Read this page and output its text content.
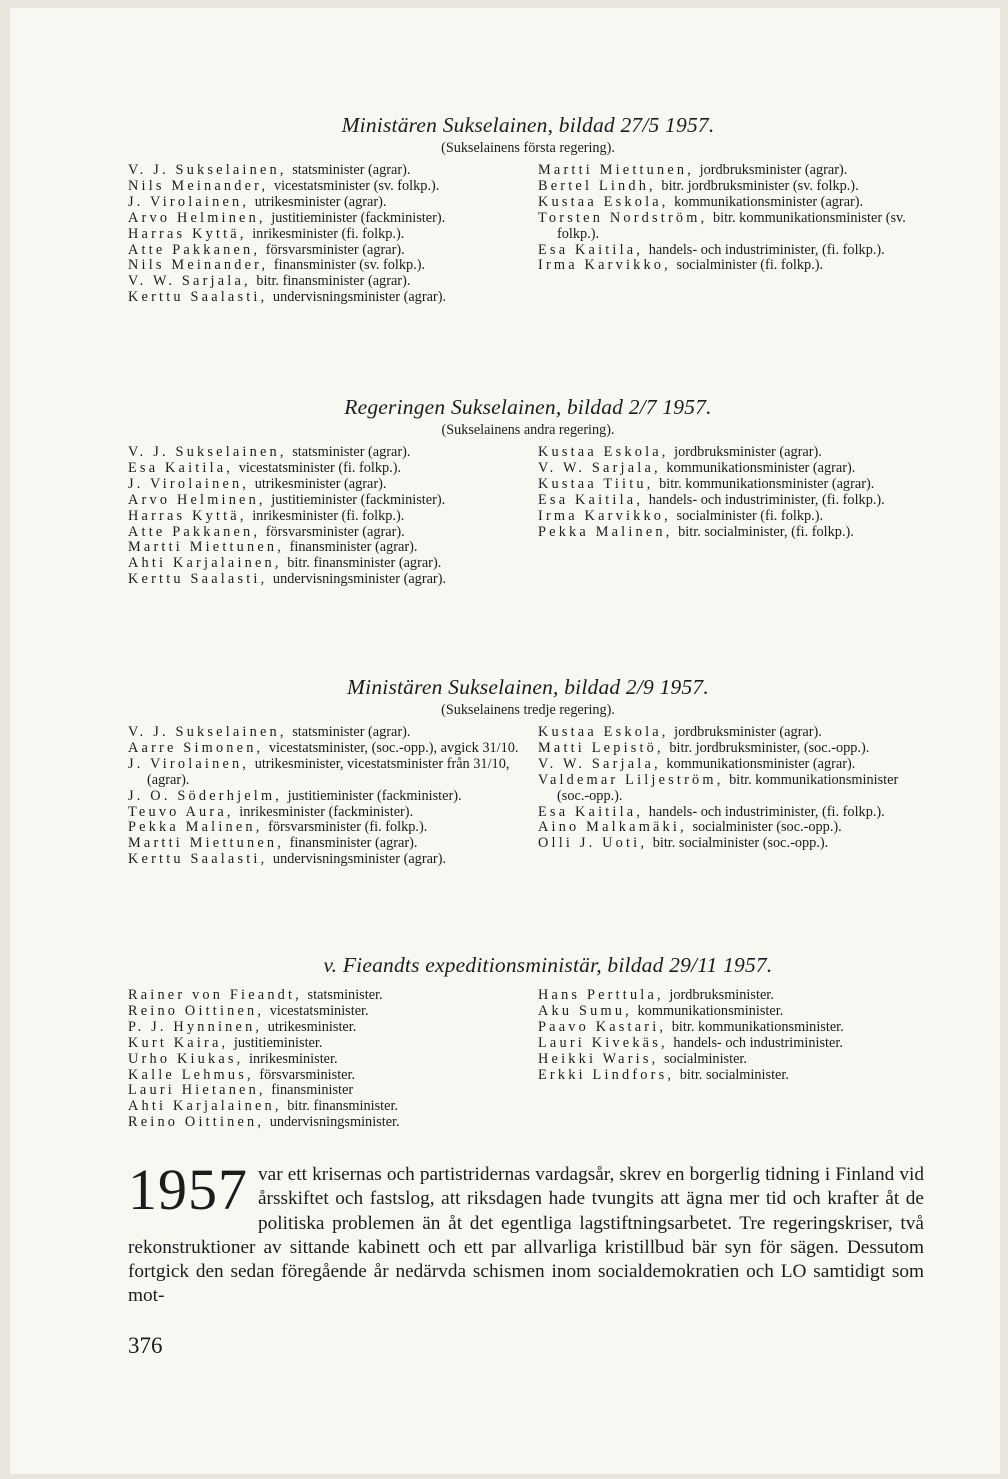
Ministären Sukselainen, bildad 27/5 1957.
(Sukselainens första regering).
V. J. Sukselainen, statsminister (agrar).
Nils Meinander, vicestatsminister (sv. folkp.).
J. Virolainen, utrikesminister (agrar).
Arvo Helminen, justitieminister (fackminister).
Harras Kyttä, inrikesminister (fi. folkp.).
Atte Pakkanen, försvarsminister (agrar).
Nils Meinander, finansminister (sv. folkp.).
V. W. Sarjala, bitr. finansminister (agrar).
Kerttu Saalasti, undervisningsminister (agrar).
Martti Miettunen, jordbruksminister (agrar).
Bertel Lindh, bitr. jordbruksminister (sv. folkp.).
Kustaa Eskola, kommunikationsminister (agrar).
Torsten Nordström, bitr. kommunikationsminister (sv. folkp.).
Esa Kaitila, handels- och industriminister, (fi. folkp.).
Irma Karvikko, socialminister (fi. folkp.).
Regeringen Sukselainen, bildad 2/7 1957.
(Sukselainens andra regering).
V. J. Sukselainen, statsminister (agrar).
Esa Kaitila, vicestatsminister (fi. folkp.).
J. Virolainen, utrikesminister (agrar).
Arvo Helminen, justitieminister (fackminister).
Harras Kyttä, inrikesminister (fi. folkp.).
Atte Pakkanen, försvarsminister (agrar).
Martti Miettunen, finansminister (agrar).
Ahti Karjalainen, bitr. finansminister (agrar).
Kerttu Saalasti, undervisningsminister (agrar).
Kustaa Eskola, jordbruksminister (agrar).
V. W. Sarjala, kommunikationsminister (agrar).
Kustaa Tiitu, bitr. kommunikationsminister (agrar).
Esa Kaitila, handels- och industriminister, (fi. folkp.).
Irma Karvikko, socialminister (fi. folkp.).
Pekka Malinen, bitr. socialminister, (fi. folkp.).
Ministären Sukselainen, bildad 2/9 1957.
(Sukselainens tredje regering).
V. J. Sukselainen, statsminister (agrar).
Aarre Simonen, vicestatsminister, (soc.-opp.), avgick 31/10.
J. Virolainen, utrikesminister, vicestatsminister från 31/10, (agrar).
J. O. Söderhjelm, justitieminister (fackminister).
Teuvo Aura, inrikesminister (fackminister).
Pekka Malinen, försvarsminister (fi. folkp.).
Martti Miettunen, finansminister (agrar).
Kerttu Saalasti, undervisningsminister (agrar).
Kustaa Eskola, jordbruksminister (agrar).
Matti Lepistö, bitr. jordbruksminister, (soc.-opp.).
V. W. Sarjala, kommunikationsminister (agrar).
Valdemar Liljeström, bitr. kommunikationsminister (soc.-opp.).
Esa Kaitila, handels- och industriminister, (fi. folkp.).
Aino Malkamäki, socialminister (soc.-opp.).
Olli J. Uoti, bitr. socialminister (soc.-opp.).
v. Fieandts expeditionsministär, bildad 29/11 1957.
Rainer von Fieandt, statsminister.
Reino Oittinen, vicestatsminister.
P. J. Hynninen, utrikesminister.
Kurt Kaira, justitieminister.
Urho Kiukas, inrikesminister.
Kalle Lehmus, försvarsminister.
Lauri Hietanen, finansminister
Ahti Karjalainen, bitr. finansminister.
Reino Oittinen, undervisningsminister.
Hans Perttula, jordbruksminister.
Aku Sumu, kommunikationsminister.
Paavo Kastari, bitr. kommunikationsminister.
Lauri Kivekäs, handels- och industriminister.
Heikki Waris, socialminister.
Erkki Lindfors, bitr. socialminister.
1957 var ett krisernas och partistridernas vardagsår, skrev en borgerlig tidning i Finland vid årsskiftet och fastslog, att riksdagen hade tvungits att ägna mer tid och krafter åt de politiska problemen än åt det egentliga lagstiftningsarbetet. Tre regeringskriser, två rekonstruktioner av sittande kabinett och ett par allvarliga kristillbud bär syn för sägen. Dessutom fortgick den sedan föregående år nedärvda schismen inom socialdemokratien och LO samtidigt som mot-
376
